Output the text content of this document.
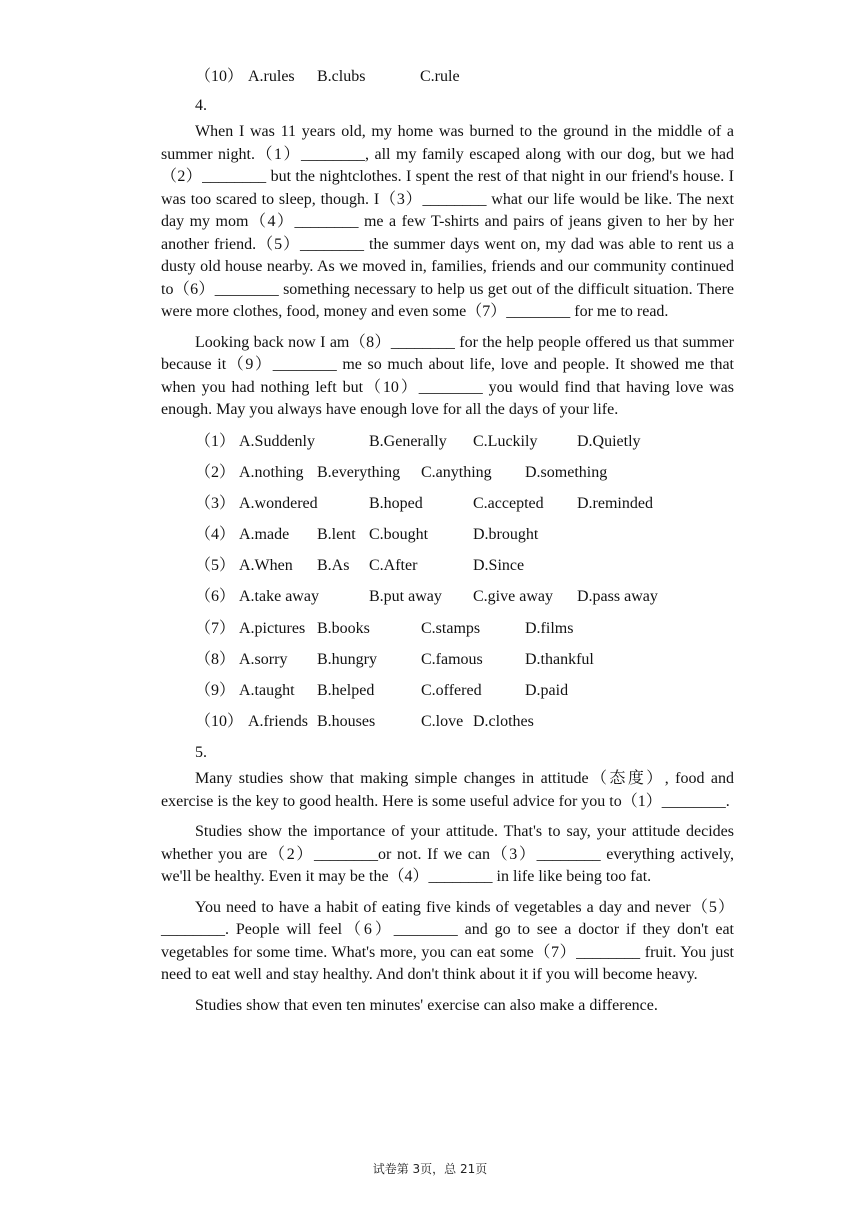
（10） A.rules B.clubs	C.rule
4.

When I was 11 years old, my home was burned to the ground in the middle of a summer night.（1）________, all my family escaped along with our dog, but we had（2）________ but the nightclothes. I spent the rest of that night in our friend's house. I was too scared to sleep, though. I（3）________ what our life would be like. The next day my mom（4）________ me a few T-shirts and pairs of jeans given to her by her another friend.（5）________ the summer days went on, my dad was able to rent us a dusty old house nearby. As we moved in, families, friends and our community continued to（6）________ something necessary to help us get out of the difficult situation. There were more clothes, food, money and even some（7）________ for me to read.

Looking back now I am（8）________ for the help people offered us that summer because it（9）________ me so much about life, love and people. It showed me that when you had nothing left but（10）________ you would find that having love was enough. May you always have enough love for all the days of your life.

（1） A.Suddenly	B.Generally C.Luckily D.Quietly
（2） A.nothing B.everything C.anything D.something
（3） A.wondered	B.hoped	C.accepted D.reminded
（4） A.made B.lent C.bought	D.brought
（5） A.When B.As C.After	D.Since
（6） A.take away	B.put away C.give away D.pass away
（7） A.pictures B.books	C.stamps	D.films
（8） A.sorry B.hungry	C.famous	D.thankful
（9） A.taught B.helped	C.offered	D.paid
（10） A.friends B.houses	C.love D.clothes
5.

Many studies show that making simple changes in attitude（态度）, food and exercise is the key to good health. Here is some useful advice for you to（1）________.

Studies show the importance of your attitude. That's to say, your attitude decides whether you are（2）________or not. If we can（3）________ everything actively, we'll be healthy. Even it may be the（4）________ in life like being too fat.

You need to have a habit of eating five kinds of vegetables a day and never（5）________. People will feel（6）________ and go to see a doctor if they don't eat vegetables for some time. What's more, you can eat some（7）________ fruit. You just need to eat well and stay healthy. And don't think about it if you will become heavy.

Studies show that even ten minutes' exercise can also make a difference.

试卷第 3页，总 21页
